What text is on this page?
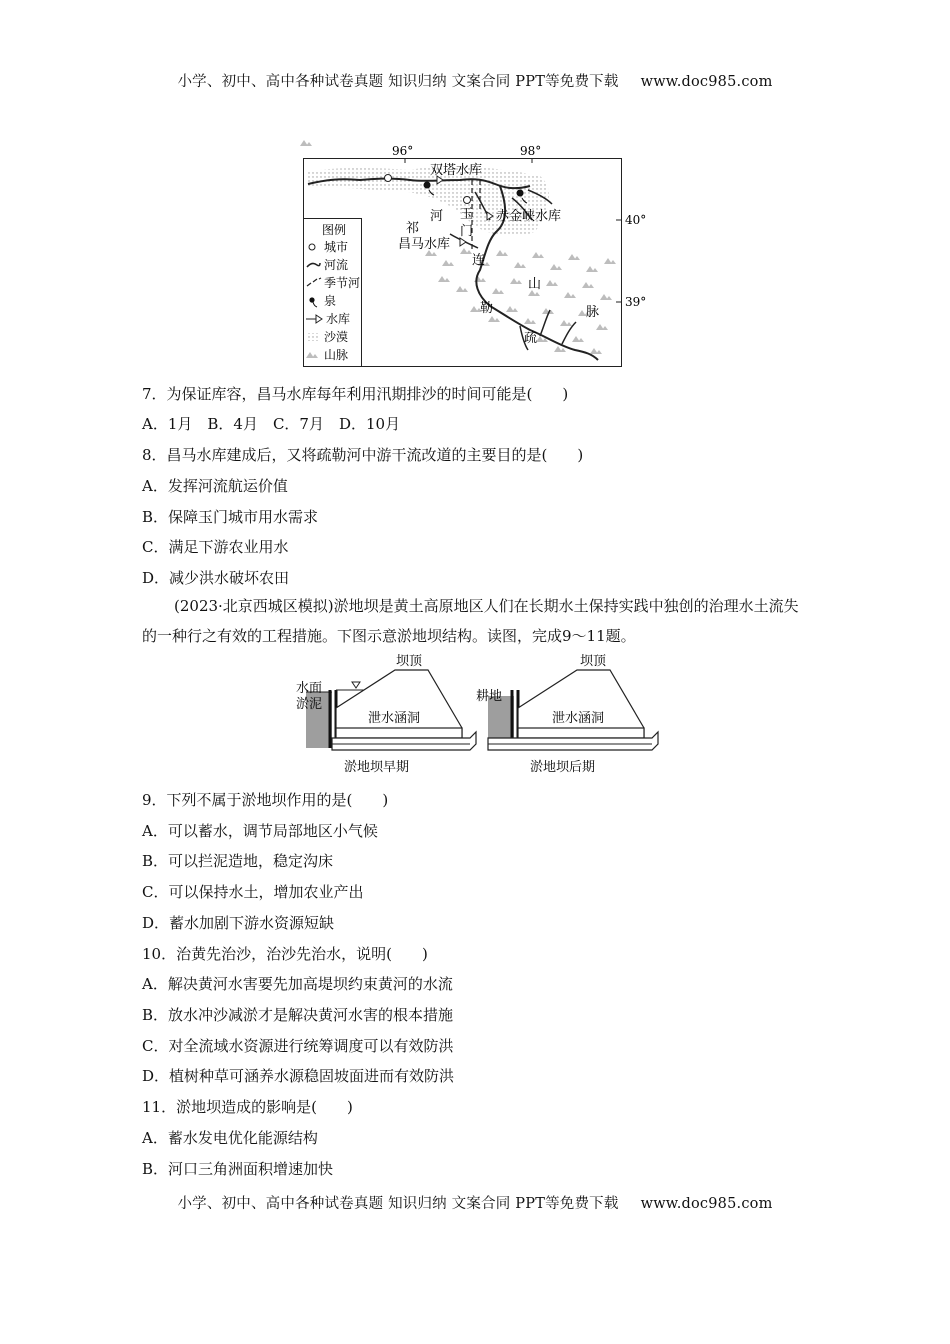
小学、初中、高中各种试卷真题 知识归纳 文案合同 PPT等免费下载 www.doc985.com
96°	98°
40°
39°
双塔水库
赤金峡水库
昌马水库
玉
门
祁
河
连
山
脉
勒
疏
图例
城市
河流
季节河
泉
水库
沙漠
山脉
7．为保证库容，昌马水库每年利用汛期排沙的时间可能是(　　)
A．1月　B．4月　C．7月　D．10月
8．昌马水库建成后，又将疏勒河中游干流改道的主要目的是(　　)
A．发挥河流航运价值
B．保障玉门城市用水需求
C．满足下游农业用水
D．减少洪水破坏农田
(2023·北京西城区模拟)淤地坝是黄土高原地区人们在长期水土保持实践中独创的治理水土流失的一种行之有效的工程措施。下图示意淤地坝结构。读图，完成9～11题。
坝顶
水面
淤泥
泄水涵洞
淤地坝早期
坝顶
耕地
泄水涵洞
淤地坝后期
9．下列不属于淤地坝作用的是(　　)
A．可以蓄水，调节局部地区小气候
B．可以拦泥造地，稳定沟床
C．可以保持水土，增加农业产出
D．蓄水加剧下游水资源短缺
10．治黄先治沙，治沙先治水，说明(　　)
A．解决黄河水害要先加高堤坝约束黄河的水流
B．放水冲沙减淤才是解决黄河水害的根本措施
C．对全流域水资源进行统筹调度可以有效防洪
D．植树种草可涵养水源稳固坡面进而有效防洪
11．淤地坝造成的影响是(　　)
A．蓄水发电优化能源结构
B．河口三角洲面积增速加快
小学、初中、高中各种试卷真题 知识归纳 文案合同 PPT等免费下载 www.doc985.com
